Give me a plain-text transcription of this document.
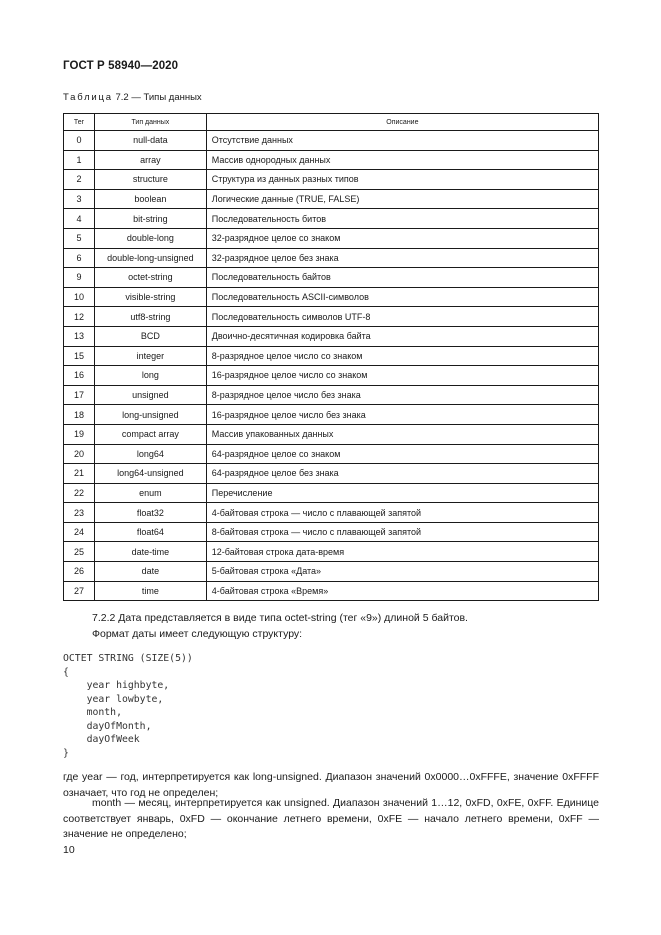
ГОСТ Р 58940—2020
Таблица 7.2 — Типы данных
Тег	Тип данных	Описание
0	null-data	Отсутствие данных
1	array	Массив однородных данных
2	structure	Структура из данных разных типов
3	boolean	Логические данные (TRUE, FALSE)
4	bit-string	Последовательность битов
5	double-long	32-разрядное целое со знаком
6	double-long-unsigned	32-разрядное целое без знака
9	octet-string	Последовательность байтов
10	visible-string	Последовательность ASCII-символов
12	utf8-string	Последовательность символов UTF-8
13	BCD	Двоично-десятичная кодировка байта
15	integer	8-разрядное целое число со знаком
16	long	16-разрядное целое число со знаком
17	unsigned	8-разрядное целое число без знака
18	long-unsigned	16-разрядное целое число без знака
19	compact array	Массив упакованных данных
20	long64	64-разрядное целое со знаком
21	long64-unsigned	64-разрядное целое без знака
22	enum	Перечисление
23	float32	4-байтовая строка — число с плавающей запятой
24	float64	8-байтовая строка — число с плавающей запятой
25	date-time	12-байтовая строка дата-время
26	date	5-байтовая строка «Дата»
27	time	4-байтовая строка «Время»
7.2.2 Дата представляется в виде типа octet-string (тег «9») длиной 5 байтов.
Формат даты имеет следующую структуру:
OCTET STRING (SIZE(5))
{
year highbyte,
year lowbyte,
month,
dayOfMonth,
dayOfWeek
}
где year — год, интерпретируется как long-unsigned. Диапазон значений 0x0000…0xFFFE, значение 0xFFFF означает, что год не определен;
month — месяц, интерпретируется как unsigned. Диапазон значений 1…12, 0xFD, 0xFE, 0xFF. Единице соответствует январь, 0xFD — окончание летнего времени, 0xFE — начало летнего времени, 0xFF — значение не определено;
10
